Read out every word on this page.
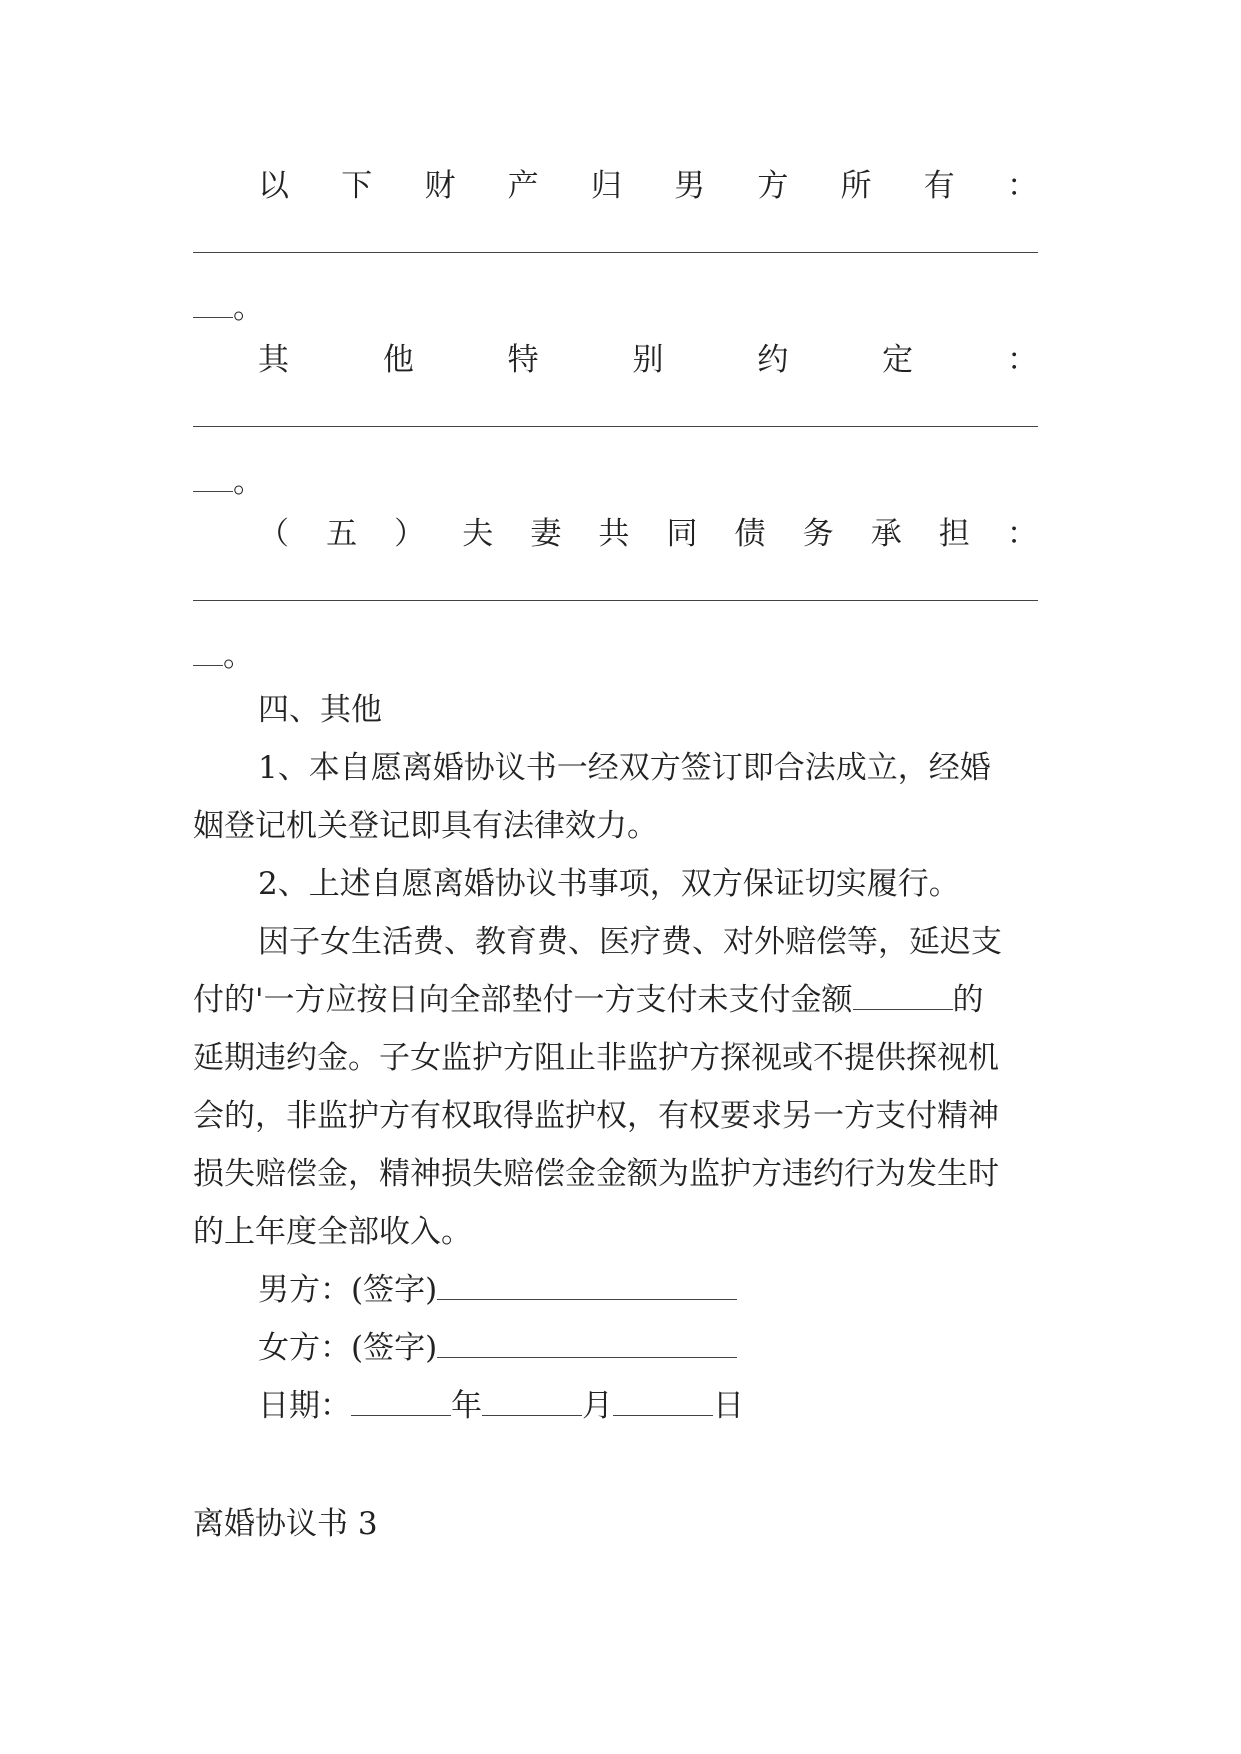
以 下 财 产 归 男 方 所 有 ：
。
其	他	特	别	约	定	：
。
（ 五 ） 夫 妻 共 同 债 务 承 担 ：
。
四、其他
1、本自愿离婚协议书一经双方签订即合法成立，经婚
姻登记机关登记即具有法律效力。
2、上述自愿离婚协议书事项，双方保证切实履行。
因子女生活费、教育费、医疗费、对外赔偿等，延迟支
付的'一方应按日向全部垫付一方支付未支付金额	的
延期违约金。子女监护方阻止非监护方探视或不提供探视机
会的，非监护方有权取得监护权，有权要求另一方支付精神
损失赔偿金，精神损失赔偿金金额为监护方违约行为发生时
的上年度全部收入。
男方：(签字)
女方：(签字)
日期：	年	月	日
离婚协议书 3
